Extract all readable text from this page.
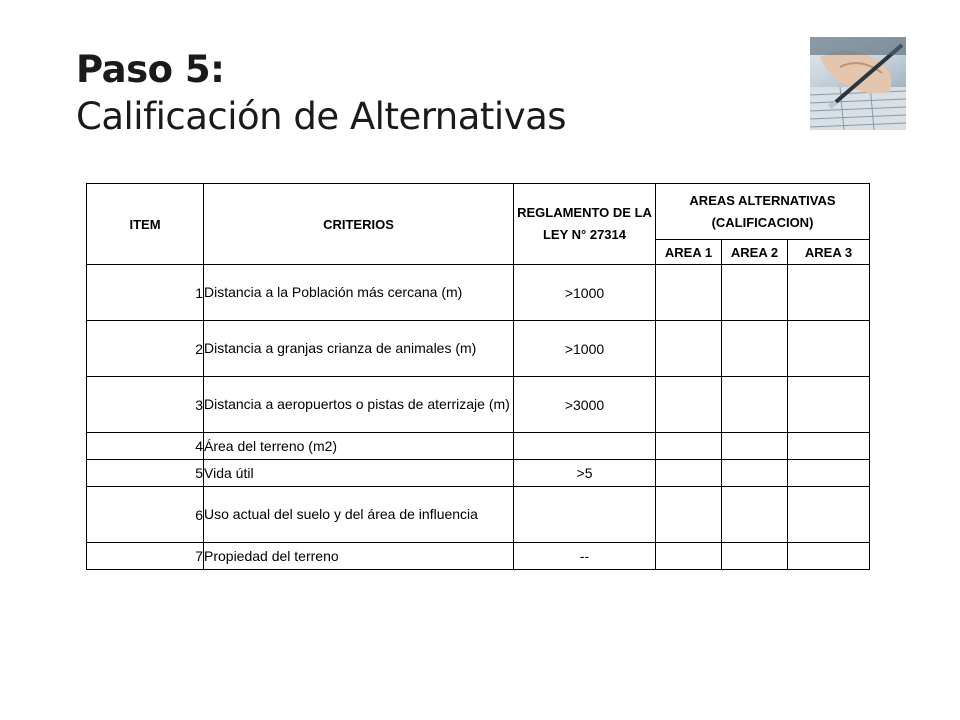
Paso 5:
Calificación de Alternativas
ITEM	CRITERIOS	REGLAMENTO DE LA LEY N° 27314	AREAS ALTERNATIVAS (CALIFICACION)		
			AREA 1	AREA 2	AREA 3
1	Distancia a la Población más cercana (m)	>1000			
2	Distancia a granjas crianza de animales (m)	>1000			
3	Distancia a aeropuertos o pistas de aterrizaje (m)	>3000			
4	Área del terreno (m2)				
5	Vida útil	>5			
6	Uso actual del suelo y del área de influencia				
7	Propiedad del terreno	--			
